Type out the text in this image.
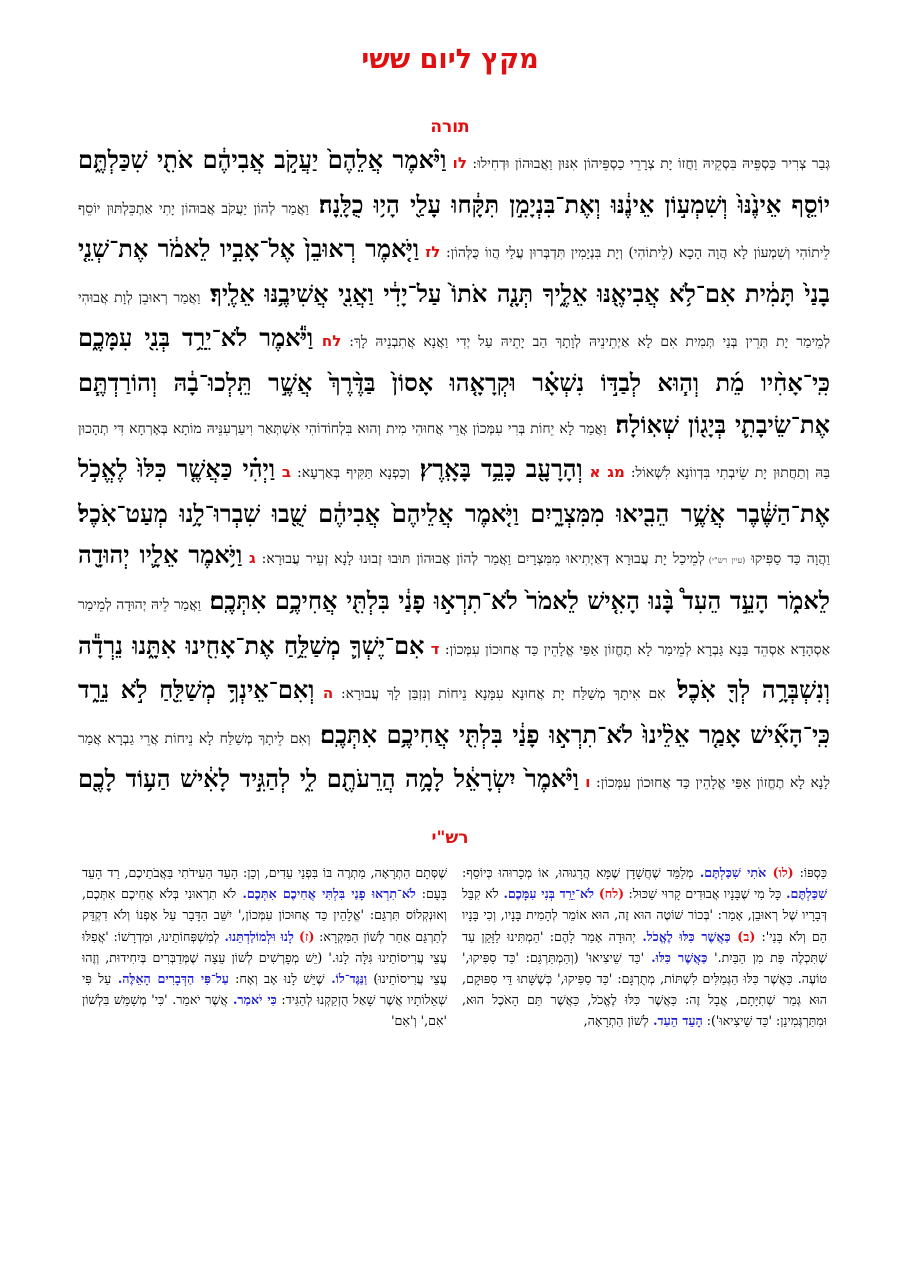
מקץ ליום ששי
תורה
גְּבַר צְרִיר כַּסְפֵּיהּ בִּסְקֵיהּ וַחֲזוֹ יָת צְרָרֵי כַסְפֵּיהוֹן אִנּוּן וַאֲבוּהוֹן וּדְחִילוּ: לו וַיֹּ֨אמֶר אֲלֵהֶם֙ יַעֲקֹ֣ב אֲבִיהֶ֔ם אֹתִ֖י שִׁכַּלְתֶּ֑ם יוֹסֵ֤ף אֵינֶ֙נּוּ֙ וְשִׁמְע֣וֹן אֵינֶ֔נּוּ וְאֶת־בִּנְיָמִ֣ן תִּקָּ֔חוּ עָלַ֖י הָי֥וּ כֻלָּֽנָה׃ וַאֲמַר לְהוֹן יַעֲקֹב אֲבוּהוֹן יָתִי אַתְכֵּלְתּוּן יוֹסֵף לֵיתוֹהִי וְשִׁמְעוֹן לָא הֲוָה הָכָא (לֵיתוֹהִי) וְיָת בִּנְיָמִין תִּדְבְּרוּן עֲלַי הֲווֹ כֻּלְּהוֹן: לז וַיֹּ֤אמֶר רְאוּבֵן֙ אֶל־אָבִ֣יו לֵאמֹ֔ר אֶת־שְׁנֵ֤י בָנַי֙ תָּמִ֔ית אִם־לֹ֥א אֲבִיאֶ֖נּוּ אֵלֶ֑יךָ תְּנָ֤ה אֹתוֹ֙ עַל־יָדִ֔י וַאֲנִ֖י אֲשִׁיבֶ֥נּוּ אֵלֶֽיךָ׃ וַאֲמַר רְאוּבֵן לְוָת אֲבוּהִי לְמֵימַר יָת תְּרֵין בְּנַי תְּמִית אִם לָא אַיְתֵינֵיהּ לְוָתָךְ הַב יָתֵיהּ עַל יְדִי וַאֲנָא אֲתִבְנֵיהּ לָךְ: לח וַיֹּ֕אמֶר לֹא־יֵרֵ֥ד בְּנִ֖י עִמָּכֶ֑ם כִּֽי־אָחִ֨יו מֵ֜ת וְה֧וּא לְבַדּ֣וֹ נִשְׁאָ֗ר וּקְרָאָ֤הוּ אָסוֹן֙ בַּדֶּ֨רֶךְ֙ אֲשֶׁ֣ר תֵּֽלְכוּ־בָ֔הּ וְהוֹרַדְתֶּ֧ם אֶת־שֵׂיבָתִ֛י בְּיָג֖וֹן שְׁאֽוֹלָה׃ וַאֲמַר לָא יֵחוֹת בְּרִי עִמְּכוֹן אֲרֵי אֲחוּהִי מִית וְהוּא בִּלְחוֹדוֹהִי אִשְׁתְּאַר וִיעַרְעִנֵּיהּ מוֹתָא בְּאָרְחָא דִּי תְהָכוּן בַּהּ וְתַחֲתוּן יָת שֵׂיבְתִי בִּדְווֹנָא לִשְׁאוֹל: מג א וְהָרָעָ֖ב כָּבֵ֥ד בָּאָֽרֶץ׃ וְכַפְנָא תַּקִּיף בְּאַרְעָא: ב וַיְהִ֗י כַּאֲשֶׁ֤ר כִּלּוּ֙ לֶאֱכֹ֣ל אֶת־הַשֶּׁ֔בֶר אֲשֶׁ֥ר הֵבִ֖יאוּ מִמִּצְרָ֑יִם וַיֹּ֤אמֶר אֲלֵיהֶם֙ אֲבִיהֶ֔ם שֻׁ֖בוּ שִׁבְרוּ־לָ֥נוּ מְעַט־אֹֽכֶל׃ וַהֲוָה כַּד סַפִּיקוּ (עיין רש"י) לְמֵיכַל יָת עֲבוּרָא דְּאַיְתִיאוּ מִמִּצְרָיִם וַאֲמַר לְהוֹן אֲבוּהוֹן תּוּבוּ זְבוּנוּ לָנָא זְעֵיר עֲבוּרָא: ג וַיֹּ֥אמֶר אֵלָ֛יו יְהוּדָ֖ה לֵאמֹ֑ר הָעֵ֣ד הֵעִד֩ בָּ֨נוּ הָאִ֤ישׁ לֵאמֹר֙ לֹא־תִרְא֣וּ פָנַ֔י בִּלְתִּ֖י אֲחִיכֶ֥ם אִתְּכֶֽם׃ וַאֲמַר לֵיהּ יְהוּדָה לְמֵימַר אַסְהָדָא אַסְהֵד בַּנָא גַּבְרָא לְמֵימַר לָא תֶחֱזוֹן אַפַּי אֱלָהֵין כַּד אֲחוּכוֹן עִמְּכוֹן: ד אִם־יֶשְׁךָ֛ מְשַׁלֵּ֥חַ אֶת־אָחִ֖ינוּ אִתָּ֑נוּ נֵרְדָ֕ה וְנִשְׁבְּרָ֥ה לְךָ֖ אֹֽכֶל׃ אִם אִיתָךְ מְשַׁלַּח יָת אֲחוּנָא עִמָּנָא נֵיחוֹת וְנִזְבַּן לָךְ עֲבוּרָא: ה וְאִם־אֵינְךָ֥ מְשַׁלֵּ֖חַ לֹ֣א נֵרֵ֑ד כִּֽי־הָאִ֞ישׁ אָמַ֤ר אֵלֵ֨ינוּ֙ לֹא־תִרְא֣וּ פָנַ֔י בִּלְתִּ֖י אֲחִיכֶ֥ם אִתְּכֶֽם׃ וְאִם לֵיתָךְ מְשַׁלַּח לָא נֵיחוֹת אֲרֵי גַבְרָא אֲמַר לָנָא לָא תֶחֱזוֹן אַפַּי אֱלָהֵין כַּד אֲחוּכוֹן עִמְּכוֹן: ו וַיֹּ֨אמֶר֙ יִשְׂרָאֵ֔ל לָמָ֥ה הֲרֵעֹתֶ֖ם לִ֑י לְהַגִּ֣יד לָאִ֔ישׁ הַע֥וֹד לָכֶ֖ם
רש"י
כַּסְפּוֹ: (לו) אֹתִי שִׁכַּלְתֶּם. מְלַמֵּד שֶׁחֲשָׁדָן שֶׁמָּא הֲרָגוּהוּ, אוֹ מְכָרוּהוּ כְּיוֹסֵף: שִׁכַּלְתֶּם. כָּל מִי שֶׁבָּנָיו אֲבוּדִים קָרוּי שַׁכּוּל: (לח) לֹא־יֵרֵד בְּנִי עִמָּכֶם. לֹא קִבֵּל דְּבָרָיו שֶׁל רְאוּבֵן, אָמַר: 'בְּכוֹר שׁוֹטֶה הוּא זֶה, הוּא אוֹמֵר לְהָמִית בָּנָיו, וְכִי בָּנָיו הֵם וְלֹא בָּנַי': (ב) כַּאֲשֶׁר כִּלּוּ לֶאֱכֹל. יְהוּדָה אָמַר לָהֶם: 'הַמְתִּינוּ לַזָּקֵן עַד שֶׁתִּכְלֶה פַּת מִן הַבַּיִת.' כַּאֲשֶׁר כִּלּוּ. 'כַּד שֵׁיצִיאוּ' (וְהַמְתַּרְגֵּם: 'כַּד סַפִּיקוּ,' טוֹעֶה. כַּאֲשֶׁר כִּלּוּ הַגְּמַלִּים לִשְׁתּוֹת, מְתֻרְגָּם: 'כַּד סַפִּיקוּ,' כְּשֶׁשָּׁתוּ דֵּי סִפּוּקָם, הוּא גְּמַר שְׁתִיָּתָם, אֲבָל זֶה: כַּאֲשֶׁר כִּלּוּ לֶאֱכֹל, כַּאֲשֶׁר תַּם הָאֹכֶל הוּא, וּמִתַּרְגְּמִינַן: 'כַּד שֵׁיצִיאוּ'): הָעֵד הֵעִד. לְשׁוֹן הַתְרָאָה,
שֶׁסְּתָם הַתְרָאָה, מַתְרֶה בּוֹ בִּפְנֵי עֵדִים, וְכֵן: הָעֵד הַעִידֹתִי בַּאֲבֹתֵיכֶם, רַד הָעֵד בָּעָם: לֹא־תִרְאוּ פָנַי בִּלְתִּי אֲחִיכֶם אִתְּכֶם. לֹא תִרְאוּנִי בְּלֹא אֲחִיכֶם אִתְּכֶם, וְאוּנְקְלוֹס תִּרְגֵּם: 'אֱלָהֵין כַּד אֲחוּכוֹן עִמְּכוֹן,' יִשֵּׁב הַדָּבָר עַל אָפְנוֹ וְלֹא דִקְדֵּק לְתַרְגֵּם אַחַר לְשׁוֹן הַמִּקְרָא: (ז) לָנוּ וּלְמוֹלַדְתֵּנוּ. לְמִשְׁפְּחוֹתֵינוּ, וּמִדְרָשׁוֹ: 'אֲפִלּוּ עֲצֵי עֲרִיסוֹתֵינוּ גִּלָּה לָנוּ.' (יֵשׁ מְפָרְשִׁים לְשׁוֹן עֵצָה שֶׁמְּדַבְּרִים בְּיִחִידוּת, וְזֶהוּ עֲצֵי עֲרִיסוֹתֵינוּ) וַנַּגֶּד־לוֹ. שֶׁיֵּשׁ לָנוּ אָב וְאָח: עַל־פִּי הַדְּבָרִים הָאֵלֶּה. עַל פִּי שְׁאֵלוֹתָיו אֲשֶׁר שָׁאַל הֻזְקַקְנוּ לְהַגִּיד: כִּי יֹאמַר. אֲשֶׁר יֹאמַר. 'כִּי' מְשַׁמֵּשׁ בִּלְשׁוֹן 'אִם,' וְ'אִם'
